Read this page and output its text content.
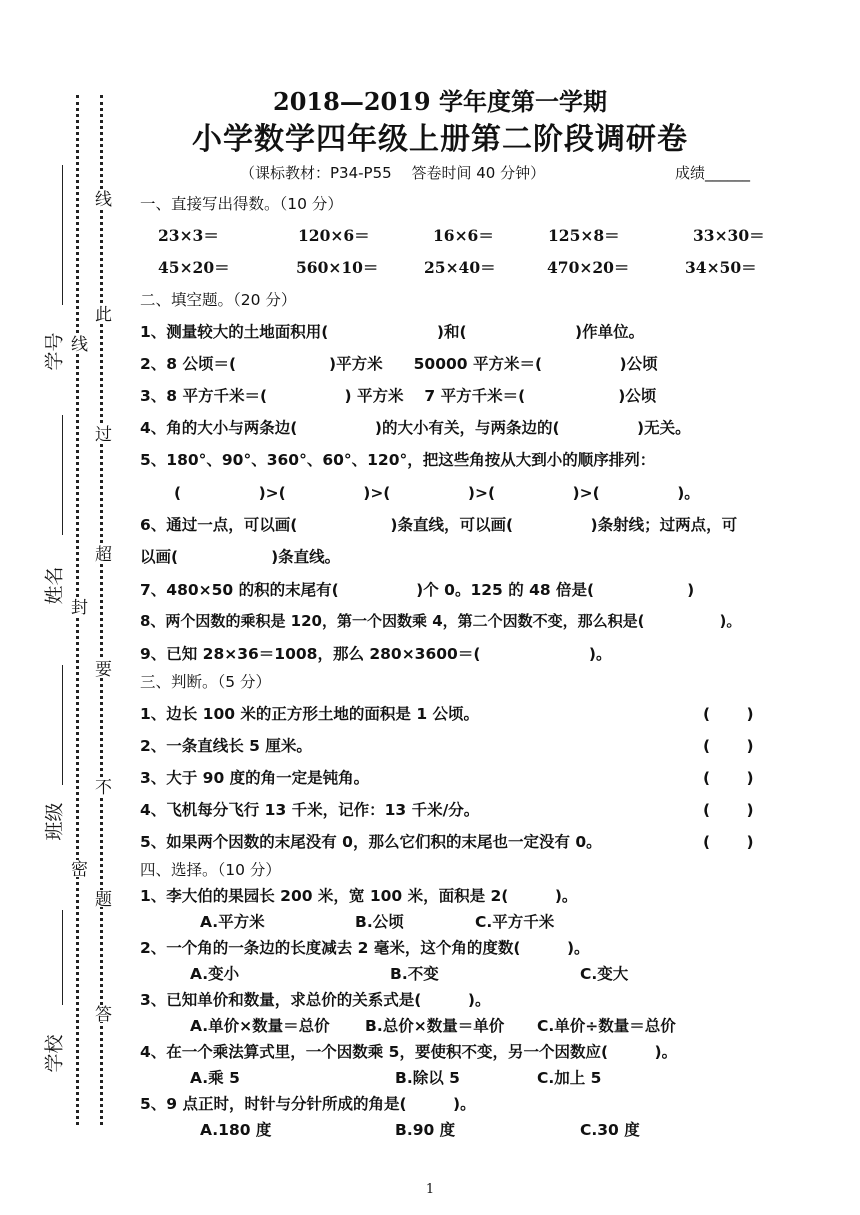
线
此
过
超
要
不
题
答
线
封
密
学号
姓名
班级
学校
2018—2019 学年度第一学期
小学数学四年级上册第二阶段调研卷
（课标教材：P34-P55　 答卷时间 40 分钟）	成绩______
一、直接写出得数。（10 分）
23×3＝	120×6＝	16×6＝	125×8＝	33×30＝
45×20＝	560×10＝	25×40＝	470×20＝	34×50＝
二、填空题。（20 分）
1、测量较大的土地面积用(　　　　　　　)和(　　　　　　　)作单位。
2、8 公顷＝(　　　　　　)平方米　　50000 平方米＝(　　　　　)公顷
3、8 平方千米＝(　　　　　) 平方米　 7 平方千米＝(　　　　　　)公顷
4、角的大小与两条边(　　　　　)的大小有关，与两条边的(　　　　　)无关。
5、180°、90°、360°、60°、120°，把这些角按从大到小的顺序排列：
(　　　　　)>(　　　　　)>(　　　　　)>(　　　　　)>(　　　　　)。
6、通过一点，可以画(　　　　　　)条直线，可以画(　　　　　)条射线；过两点，可
以画(　　　　　　)条直线。
7、480×50 的积的末尾有(　　　　　)个 0。125 的 48 倍是(　　　　　　)
8、两个因数的乘积是 120，第一个因数乘 4，第二个因数不变，那么积是(　　　　　)。
9、已知 28×36＝1008，那么 280×3600＝(　　　　　　　)。
三、判断。（5 分）
1、边长 100 米的正方形土地的面积是 1 公顷。	(　　 )
2、一条直线长 5 厘米。	(　　 )
3、大于 90 度的角一定是钝角。	(　　 )
4、飞机每分飞行 13 千米，记作：13 千米/分。	(　　 )
5、如果两个因数的末尾没有 0，那么它们积的末尾也一定没有 0。	(　　 )
四、选择。（10 分）
1、李大伯的果园长 200 米，宽 100 米，面积是 2(　　　)。
A.平方米	B.公顷	C.平方千米
2、一个角的一条边的长度减去 2 毫米，这个角的度数(　　　)。
A.变小	B.不变	C.变大
3、已知单价和数量，求总价的关系式是(　　　)。
A.单价×数量＝总价 B.总价×数量＝单价 C.单价÷数量＝总价
4、在一个乘法算式里，一个因数乘 5，要使积不变，另一个因数应(　　　)。
A.乘 5	B.除以 5	C.加上 5
5、9 点正时，时针与分针所成的角是(　　　)。
A.180 度	B.90 度	C.30 度
1
